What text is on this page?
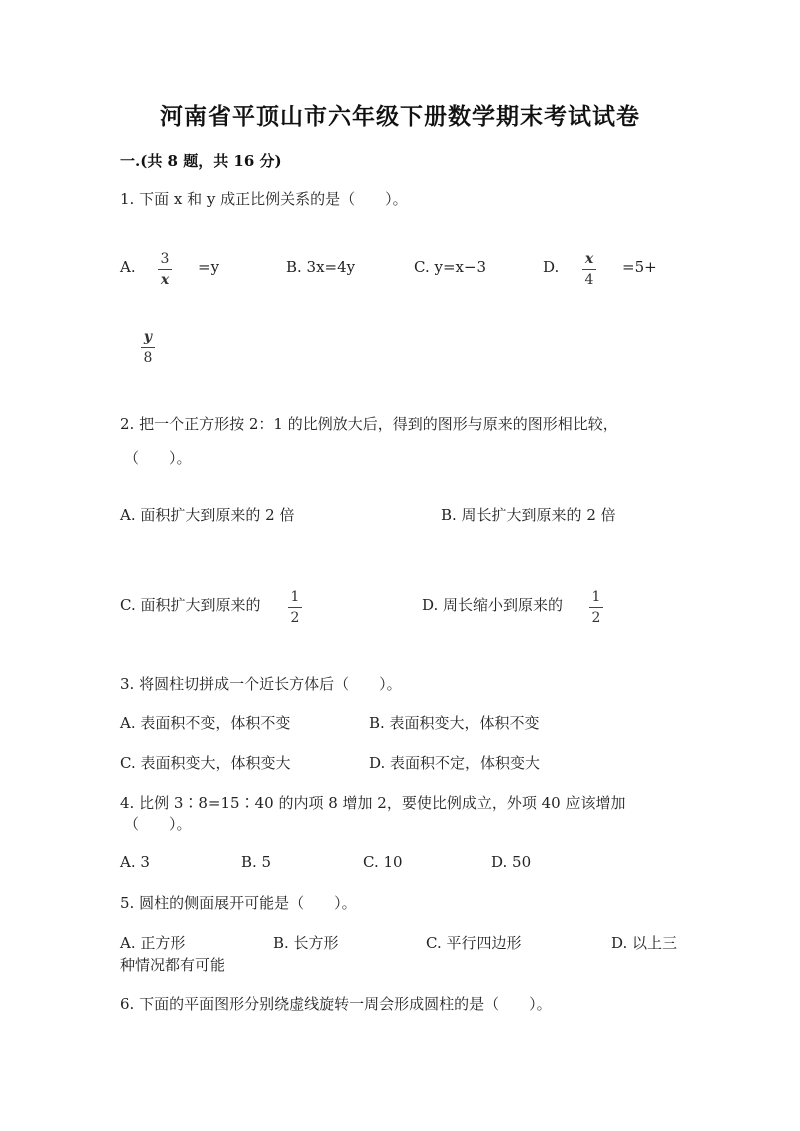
河南省平顶山市六年级下册数学期末考试试卷
一.(共 8 题，共 16 分)
1. 下面 x 和 y 成正比例关系的是（　　）。
A. 3
x
=y	B. 3x=4y	C. y=x−3	D. x
4
=5+
y
8
2. 把一个正方形按 2：1 的比例放大后，得到的图形与原来的图形相比较，
（　　）。
A. 面积扩大到原来的 2 倍	B. 周长扩大到原来的 2 倍
C. 面积扩大到原来的 1
2
D. 周长缩小到原来的 1
2
3. 将圆柱切拼成一个近长方体后（　　）。
A. 表面积不变，体积不变	B. 表面积变大，体积不变
C. 表面积变大，体积变大	D. 表面积不定，体积变大
4. 比例 3∶8=15∶40 的内项 8 增加 2，要使比例成立，外项 40 应该增加
（　　）。
A. 3	B. 5	C. 10	D. 50
5. 圆柱的侧面展开可能是（　　）。
A. 正方形	B. 长方形	C. 平行四边形	D. 以上三
种情况都有可能
6. 下面的平面图形分别绕虚线旋转一周会形成圆柱的是（　　）。
